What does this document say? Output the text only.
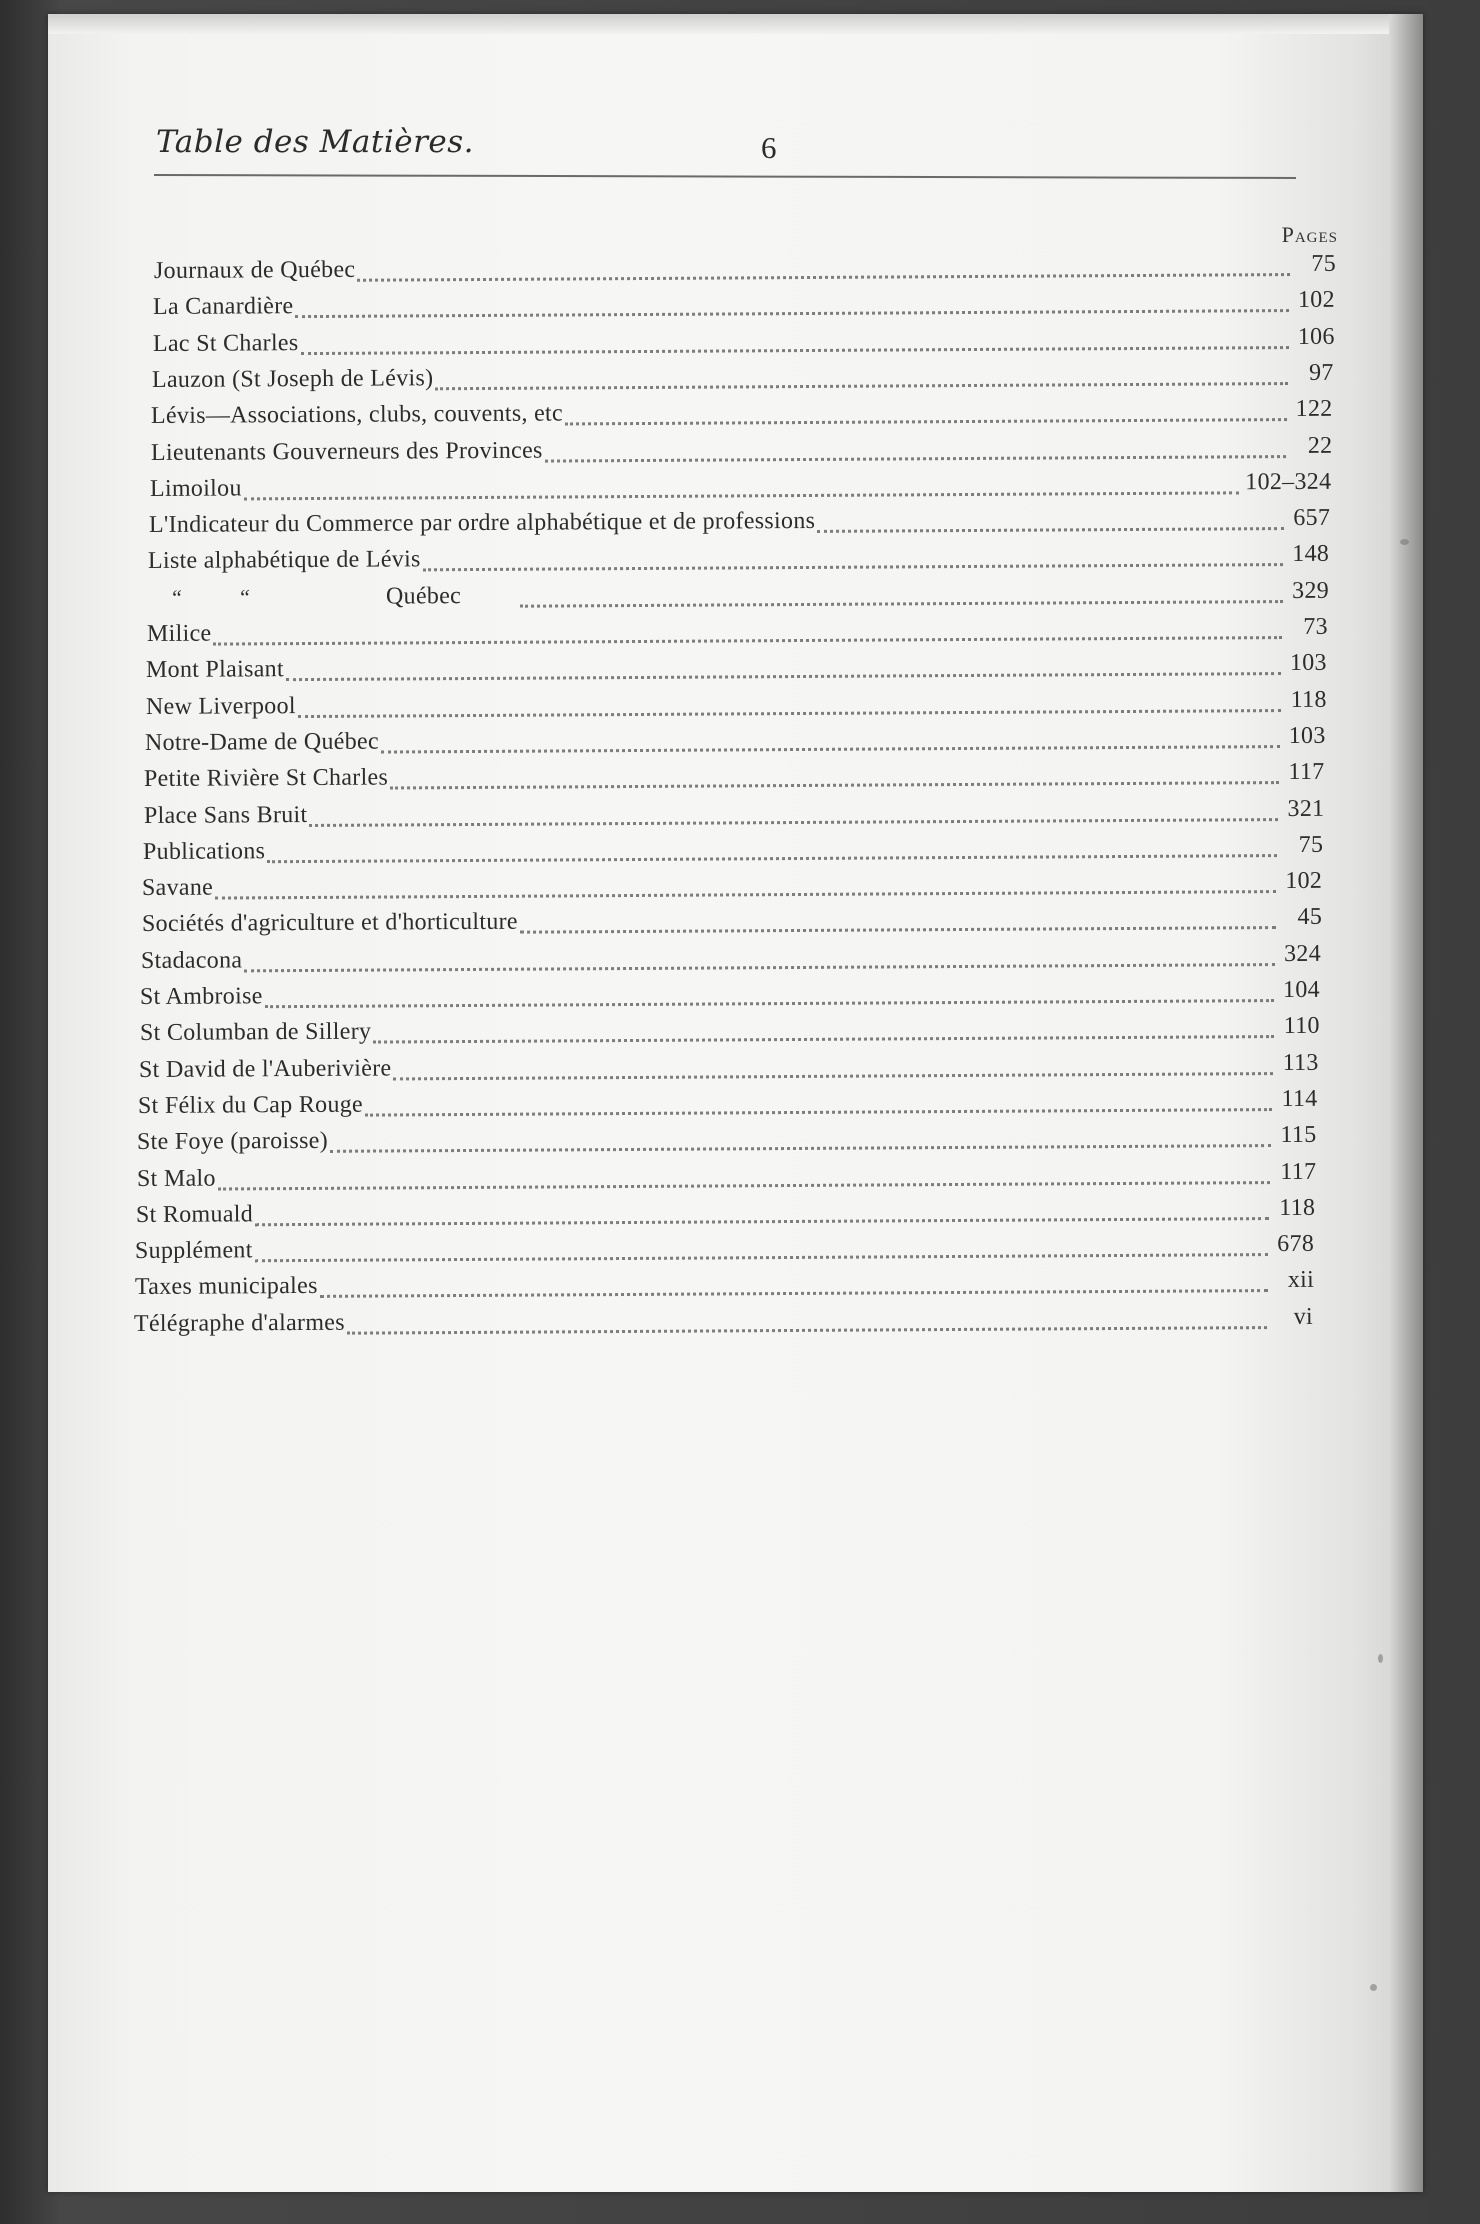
Table des Matières.	6
Pages
Journaux de Québec	75
La Canardière	102
Lac St Charles	106
Lauzon (St Joseph de Lévis)	97
Lévis—Associations, clubs, couvents, etc	122
Lieutenants Gouverneurs des Provinces	22
Limoilou	102–324
L'Indicateur du Commerce par ordre alphabétique et de professions	657
Liste alphabétique de Lévis	148
“	“	Québec	329
Milice	73
Mont Plaisant	103
New Liverpool	118
Notre-Dame de Québec	103
Petite Rivière St Charles	117
Place Sans Bruit	321
Publications	75
Savane	102
Sociétés d'agriculture et d'horticulture	45
Stadacona	324
St Ambroise	104
St Columban de Sillery	110
St David de l'Auberivière	113
St Félix du Cap Rouge	114
Ste Foye (paroisse)	115
St Malo	117
St Romuald	118
Supplément	678
Taxes municipales	xii
Télégraphe d'alarmes	vi
